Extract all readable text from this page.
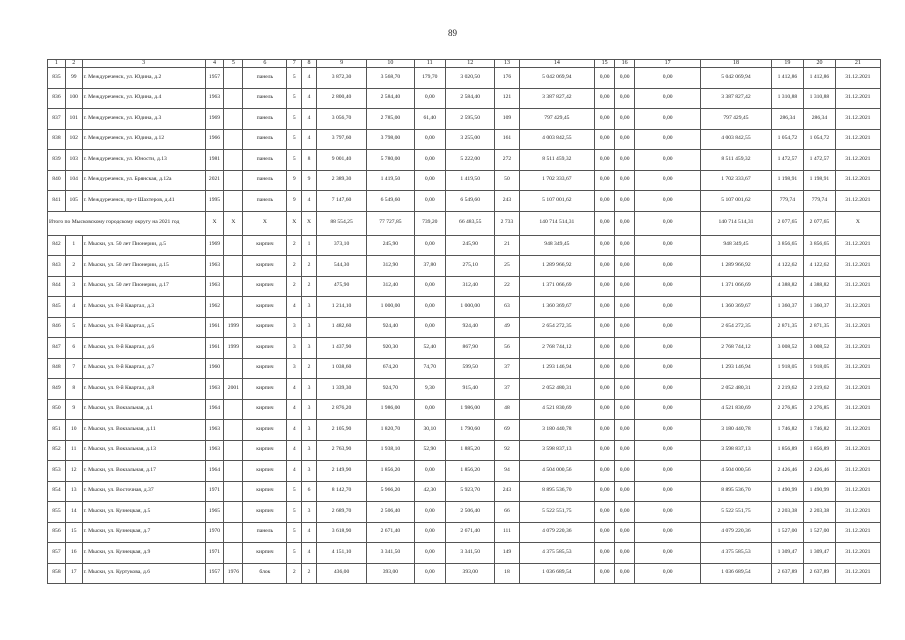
89
1	2	3	4	5	6	7	8	9	10	11	12	13	14	15	16	17	18	19	20	21
835	99	г. Междуреченск, ул. Юдина, д.2	1957		панель	5	4	3 872,30	3 568,70	179,70	3 020,50	176	5 042 069,94	0,00	0,00	0,00	5 042 069,94	1 412,86	1 412,86	31.12.2021
836	100	г. Междуреченск, ул. Юдина, д.4	1963		панель	5	4	2 800,40	2 584,40	0,00	2 584,40	121	3 387 827,42	0,00	0,00	0,00	3 387 827,42	1 310,88	1 310,88	31.12.2021
837	101	г. Междуреченск, ул. Юдина, д.3	1969		панель	5	4	3 056,70	2 785,00	61,40	2 595,50	109	797 429,45	0,00	0,00	0,00	797 429,45	286,34	286,34	31.12.2021
838	102	г. Междуреченск, ул. Юдина, д.12	1966		панель	5	4	3 797,60	3 798,00	0,00	3 255,00	161	4 003 842,55	0,00	0,00	0,00	4 003 842,55	1 054,72	1 054,72	31.12.2021
839	103	г. Междуреченск, ул. Юности, д.13	1981		панель	5	8	9 001,40	5 780,00	0,00	5 222,00	272	8 511 459,32	0,00	0,00	0,00	8 511 459,32	1 472,57	1 472,57	31.12.2021
840	104	г. Междуреченск, ул. Брянская, д.12а	2021		панель	9	9	2 389,30	1 419,50	0,00	1 419,50	50	1 702 333,67	0,00	0,00	0,00	1 702 333,67	1 198,91	1 198,91	31.12.2021
841	105	г. Междуреченск, пр-т Шахтеров, д.41	1995		панель	9	4	7 147,60	6 549,60	0,00	6 549,60	243	5 107 001,62	0,00	0,00	0,00	5 107 001,62	779,74	779,74	31.12.2021
Итого по Мысковскому городскому округу на 2021 год			X	X	X	X	X	88 554,25	77 727,85	739,20	66 483,55	2 733	140 714 514,31	0,00	0,00	0,00	140 714 514,31	2 077,65	2 077,65	X
842	1	г. Мыски, ул. 50 лет Пионерии, д.5	1969		кирпич	2	1	373,10	245,90	0,00	245,90	21	948 349,45	0,00	0,00	0,00	948 349,45	3 856,65	3 856,65	31.12.2021
843	2	г. Мыски, ул. 50 лет Пионерии, д.15	1963		кирпич	2	2	544,30	312,90	37,80	275,10	25	1 289 966,92	0,00	0,00	0,00	1 289 966,92	4 122,62	4 122,62	31.12.2021
844	3	г. Мыски, ул. 50 лет Пионерии, д.17	1963		кирпич	2	2	475,90	312,40	0,00	312,40	22	1 371 066,69	0,00	0,00	0,00	1 371 066,69	4 388,82	4 388,82	31.12.2021
845	4	г. Мыски, ул. 8-й Квартал, д.3	1962		кирпич	4	3	1 214,10	1 000,00	0,00	1 000,00	63	1 360 369,67	0,00	0,00	0,00	1 360 369,67	1 360,37	1 360,37	31.12.2021
846	5	г. Мыски, ул. 8-й Квартал, д.5	1961	1999	кирпич	3	3	1 482,60	924,40	0,00	924,40	49	2 654 272,35	0,00	0,00	0,00	2 654 272,35	2 871,35	2 871,35	31.12.2021
847	6	г. Мыски, ул. 8-й Квартал, д.6	1961	1999	кирпич	3	3	1 437,90	920,30	52,40	867,90	56	2 768 744,12	0,00	0,00	0,00	2 768 744,12	3 008,52	3 008,52	31.12.2021
848	7	г. Мыски, ул. 8-й Квартал, д.7	1960		кирпич	3	2	1 038,60	674,20	74,70	599,50	37	1 293 146,94	0,00	0,00	0,00	1 293 146,94	1 918,05	1 918,05	31.12.2021
849	8	г. Мыски, ул. 8-й Квартал, д.8	1963	2001	кирпич	4	3	1 339,30	924,70	9,30	915,40	37	2 052 480,31	0,00	0,00	0,00	2 052 480,31	2 219,62	2 219,62	31.12.2021
850	9	г. Мыски, ул. Вокзальная, д.1	1964		кирпич	4	3	2 876,20	1 986,00	0,00	1 986,00	48	4 521 830,69	0,00	0,00	0,00	4 521 830,69	2 276,85	2 276,85	31.12.2021
851	10	г. Мыски, ул. Вокзальная, д.11	1963		кирпич	4	3	2 105,90	1 820,70	30,10	1 790,60	69	3 180 440,78	0,00	0,00	0,00	3 180 440,78	1 746,82	1 746,82	31.12.2021
852	11	г. Мыски, ул. Вокзальная, д.13	1963		кирпич	4	3	2 763,90	1 938,10	52,90	1 885,20	92	3 598 837,13	0,00	0,00	0,00	3 598 837,13	1 856,89	1 856,89	31.12.2021
853	12	г. Мыски, ул. Вокзальная, д.17	1964		кирпич	4	3	2 149,90	1 856,20	0,00	1 856,20	94	4 504 000,56	0,00	0,00	0,00	4 504 000,56	2 426,46	2 426,46	31.12.2021
854	13	г. Мыски, ул. Восточная, д.37	1971		кирпич	5	6	8 142,70	5 966,20	42,30	5 923,70	243	8 895 536,70	0,00	0,00	0,00	8 895 536,70	1 490,99	1 490,99	31.12.2021
855	14	г. Мыски, ул. Кузнецкая, д.5	1965		кирпич	5	3	2 689,70	2 506,40	0,00	2 506,40	66	5 522 551,75	0,00	0,00	0,00	5 522 551,75	2 203,38	2 203,38	31.12.2021
856	15	г. Мыски, ул. Кузнецкая, д.7	1970		панель	5	4	3 618,90	2 671,40	0,00	2 671,40	111	4 079 220,36	0,00	0,00	0,00	4 079 220,36	1 527,00	1 527,00	31.12.2021
857	16	г. Мыски, ул. Кузнецкая, д.9	1971		кирпич	5	4	4 151,10	3 341,50	0,00	3 341,50	149	4 375 585,53	0,00	0,00	0,00	4 375 585,53	1 309,47	1 309,47	31.12.2021
858	17	г. Мыски, ул. Куртукова, д.6	1957	1976	блок	2	2	436,00	393,00	0,00	393,00	18	1 036 689,54	0,00	0,00	0,00	1 036 689,54	2 637,89	2 637,89	31.12.2021
